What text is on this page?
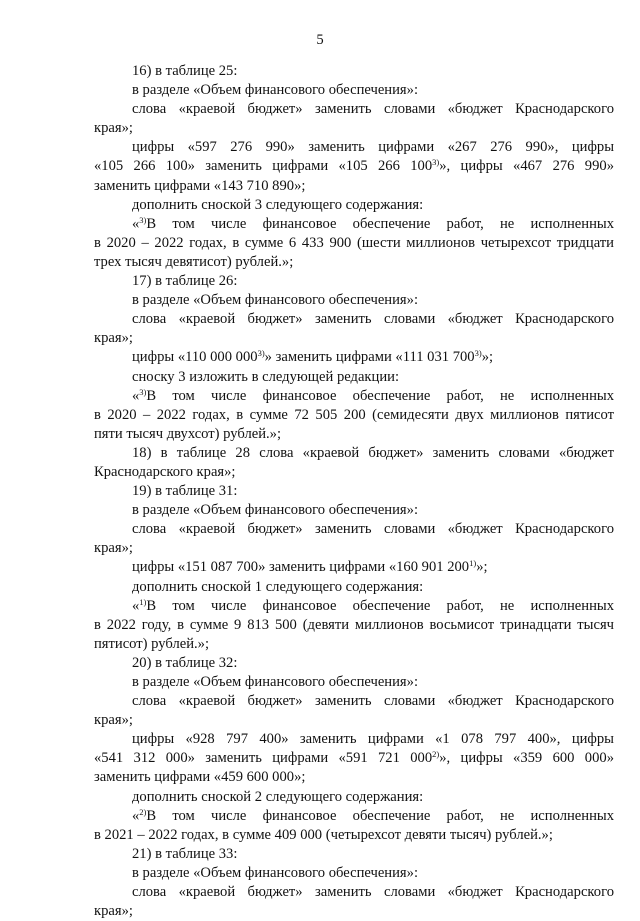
5
16) в таблице 25:
в разделе «Объем финансового обеспечения»:
слова «краевой бюджет» заменить словами «бюджет Краснодарского
края»;
цифры «597 276 990» заменить цифрами «267 276 990», цифры
«105 266 100» заменить цифрами «105 266 100$^{3)}$», цифры «467 276 990»
заменить цифрами «143 710 890»;
дополнить сноской 3 следующего содержания:
«$^{3)}$В том числе финансовое обеспечение работ, не исполненных
в 2020 – 2022 годах, в сумме 6 433 900 (шести миллионов четырехсот тридцати
трех тысяч девятисот) рублей.»;
17) в таблице 26:
в разделе «Объем финансового обеспечения»:
слова «краевой бюджет» заменить словами «бюджет Краснодарского
края»;
цифры «110 000 000$^{3)}$» заменить цифрами «111 031 700$^{3)}$»;
сноску 3 изложить в следующей редакции:
«$^{3)}$В том числе финансовое обеспечение работ, не исполненных
в 2020 – 2022 годах, в сумме 72 505 200 (семидесяти двух миллионов пятисот
пяти тысяч двухсот) рублей.»;
18) в таблице 28 слова «краевой бюджет» заменить словами «бюджет
Краснодарского края»;
19) в таблице 31:
в разделе «Объем финансового обеспечения»:
слова «краевой бюджет» заменить словами «бюджет Краснодарского
края»;
цифры «151 087 700» заменить цифрами «160 901 200$^{1)}$»;
дополнить сноской 1 следующего содержания:
«$^{1)}$В том числе финансовое обеспечение работ, не исполненных
в 2022 году, в сумме 9 813 500 (девяти миллионов восьмисот тринадцати тысяч
пятисот) рублей.»;
20) в таблице 32:
в разделе «Объем финансового обеспечения»:
слова «краевой бюджет» заменить словами «бюджет Краснодарского
края»;
цифры «928 797 400» заменить цифрами «1 078 797 400», цифры
«541 312 000» заменить цифрами «591 721 000$^{2)}$», цифры «359 600 000»
заменить цифрами «459 600 000»;
дополнить сноской 2 следующего содержания:
«$^{2)}$В том числе финансовое обеспечение работ, не исполненных
в 2021 – 2022 годах, в сумме 409 000 (четырехсот девяти тысяч) рублей.»;
21) в таблице 33:
в разделе «Объем финансового обеспечения»:
слова «краевой бюджет» заменить словами «бюджет Краснодарского
края»;
